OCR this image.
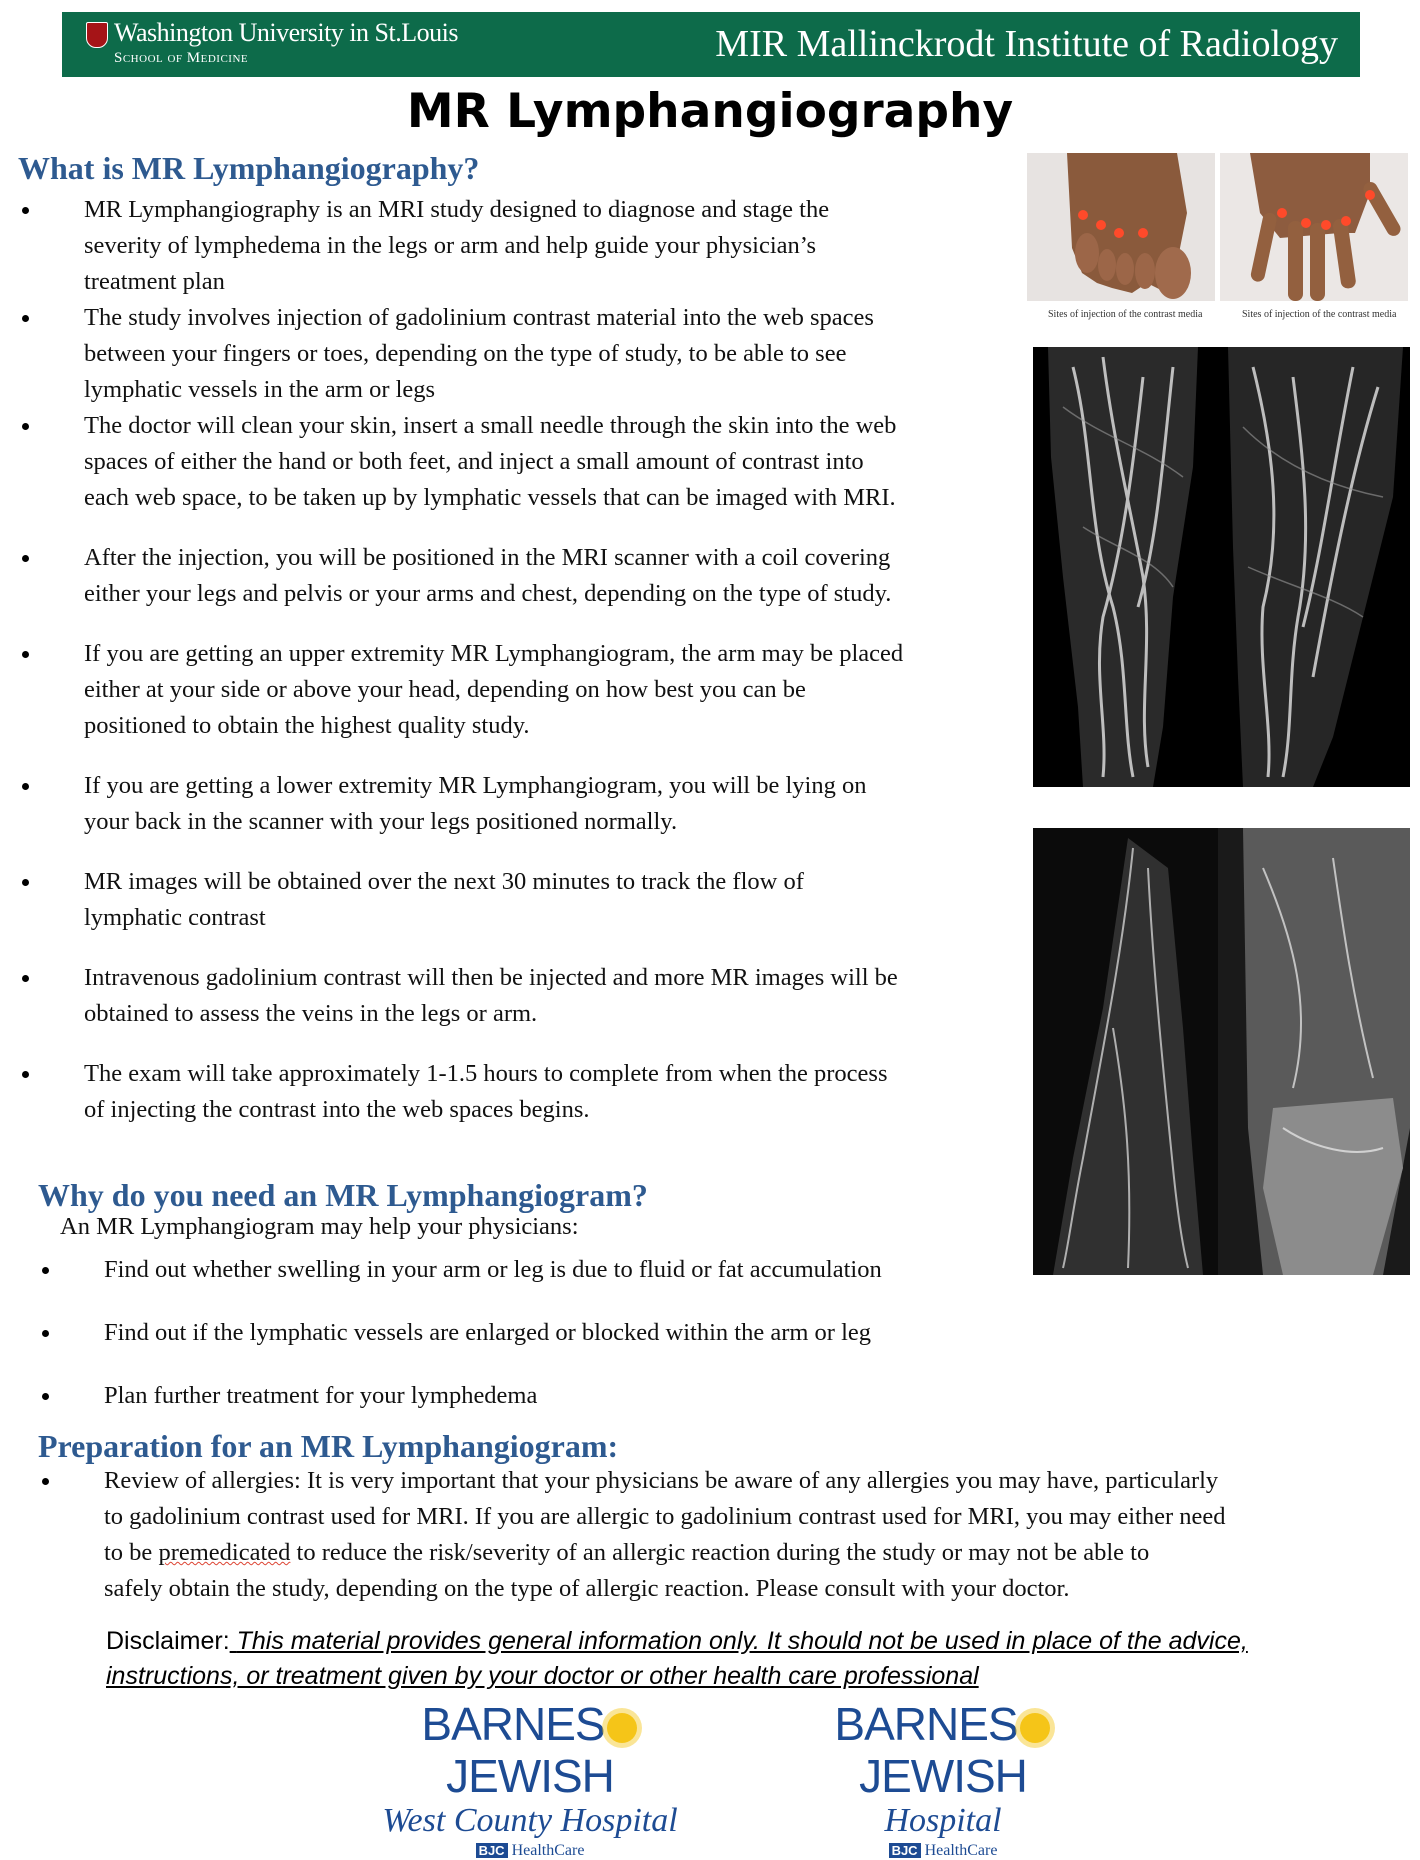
Washington University in St.Louis
School of Medicine	MIR Mallinckrodt Institute of Radiology
MR Lymphangiography
What is MR Lymphangiography?
MR Lymphangiography is an MRI study designed to diagnose and stage the
severity of lymphedema in the legs or arm and help guide your physician’s
treatment plan
The study involves injection of gadolinium contrast material into the web spaces
between your fingers or toes, depending on the type of study, to be able to see
lymphatic vessels in the arm or legs
The doctor will clean your skin, insert a small needle through the skin into the web
spaces of either the hand or both feet, and inject a small amount of contrast into
each web space, to be taken up by lymphatic vessels that can be imaged with MRI.
After the injection, you will be positioned in the MRI scanner with a coil covering
either your legs and pelvis or your arms and chest, depending on the type of study.
If you are getting an upper extremity MR Lymphangiogram, the arm may be placed
either at your side or above your head, depending on how best you can be
positioned to obtain the highest quality study.
If you are getting a lower extremity MR Lymphangiogram, you will be lying on
your back in the scanner with your legs positioned normally.
MR images will be obtained over the next 30 minutes to track the flow of
lymphatic contrast
Intravenous gadolinium contrast will then be injected and more MR images will be
obtained to assess the veins in the legs or arm.
The exam will take approximately 1-1.5 hours to complete from when the process
of injecting the contrast into the web spaces begins.
Why do you need an MR Lymphangiogram?
An MR Lymphangiogram may help your physicians:
Find out whether swelling in your arm or leg is due to fluid or fat accumulation
Find out if the lymphatic vessels are enlarged or blocked within the arm or leg
Plan further treatment for your lymphedema
Preparation for an MR Lymphangiogram:
Review of allergies: It is very important that your physicians be aware of any allergies you may have, particularly
to gadolinium contrast used for MRI. If you are allergic to gadolinium contrast used for MRI, you may either need
to be premedicated to reduce the risk/severity of an allergic reaction during the study or may not be able to
safely obtain the study, depending on the type of allergic reaction. Please consult with your doctor.
Disclaimer: This material provides general information only. It should not be used in place of the advice,
instructions, or treatment given by your doctor or other health care professional
Sites of injection of the contrast media	Sites of injection of the contrast media
BARNESJEWISH
West County Hospital
BJC HealthCare
BARNESJEWISH
Hospital
BJC HealthCare
